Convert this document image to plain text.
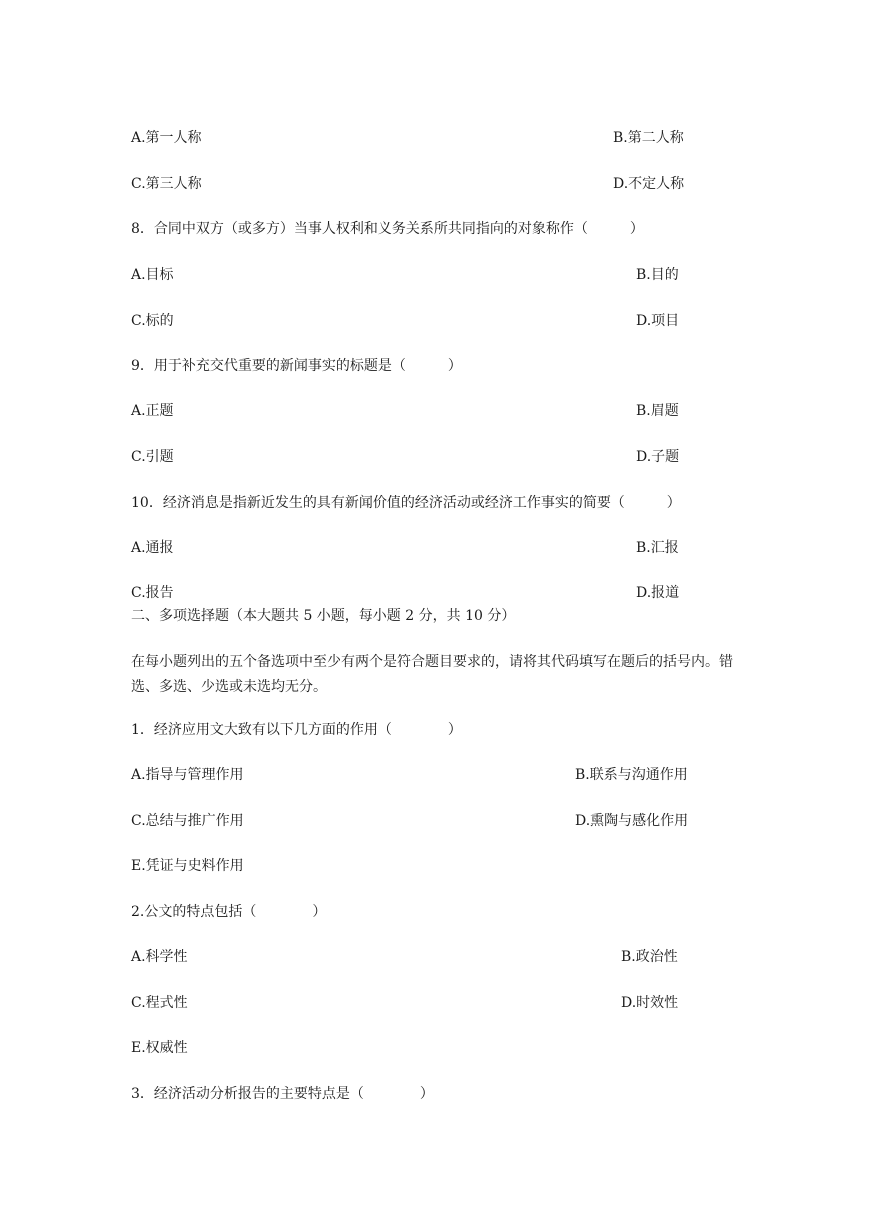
A.第一人称	B.第二人称
C.第三人称	D.不定人称
8．合同中双方（或多方）当事人权利和义务关系所共同指向的对象称作（　　　）
A.目标	B.目的
C.标的	D.项目
9．用于补充交代重要的新闻事实的标题是（　　　）
A.正题	B.眉题
C.引题	D.子题
10．经济消息是指新近发生的具有新闻价值的经济活动或经济工作事实的简要（　　　）
A.通报	B.汇报
C.报告	D.报道
二、多项选择题（本大题共 5 小题，每小题 2 分，共 10 分）
在每小题列出的五个备选项中至少有两个是符合题目要求的，请将其代码填写在题后的括号内。错选、多选、少选或未选均无分。
1．经济应用文大致有以下几方面的作用（　　　　）
A.指导与管理作用	B.联系与沟通作用
C.总结与推广作用	D.熏陶与感化作用
E.凭证与史料作用
2.公文的特点包括（　　　　）
A.科学性	B.政治性
C.程式性	D.时效性
E.权威性
3．经济活动分析报告的主要特点是（　　　　）
